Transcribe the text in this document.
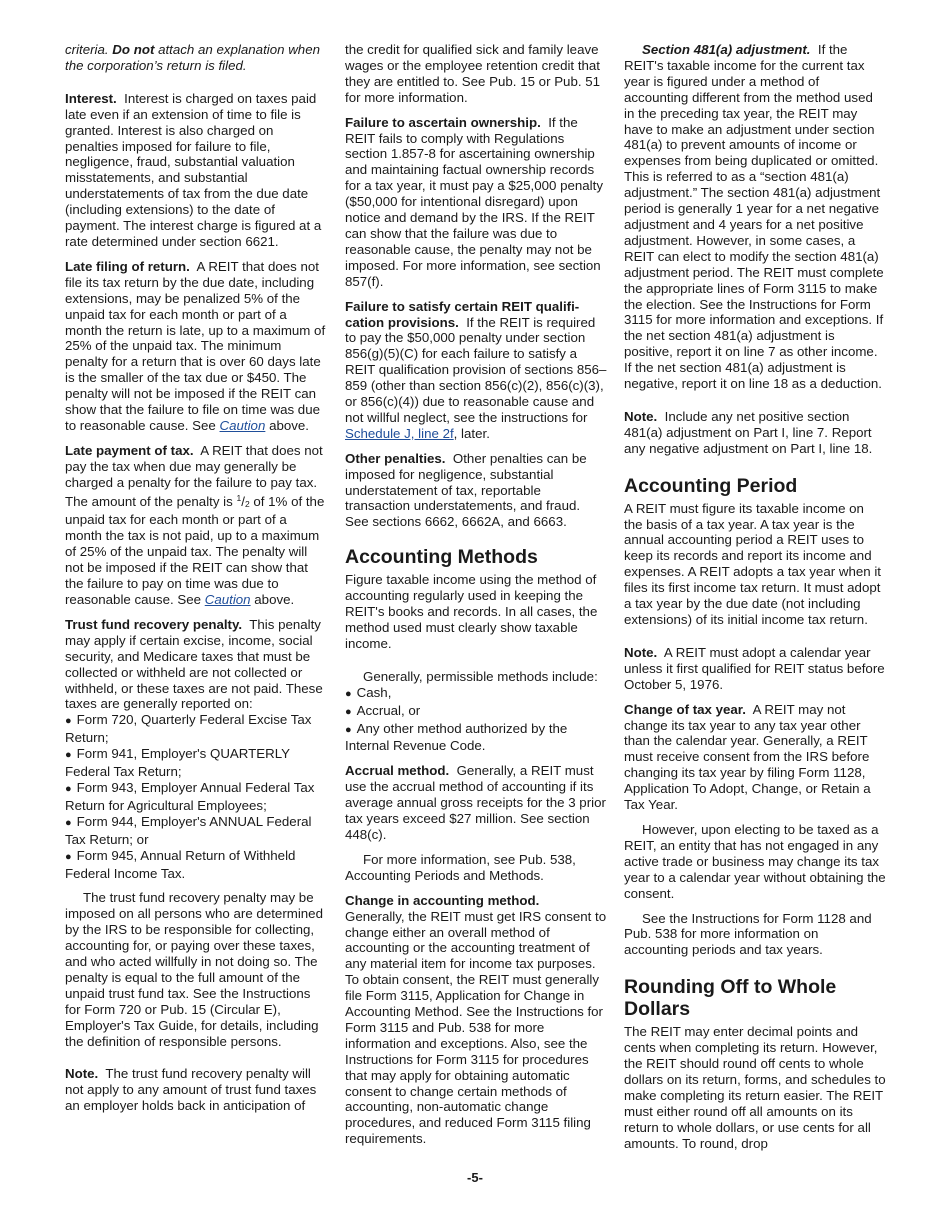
criteria. Do not attach an explanation when the corporation’s return is filed.

Interest. Interest is charged on taxes paid late even if an extension of time to file is granted. Interest is also charged on penalties imposed for failure to file, negligence, fraud, substantial valuation misstatements, and substantial understatements of tax from the due date (including extensions) to the date of payment. The interest charge is figured at a rate determined under section 6621.

Late filing of return. A REIT that does not file its tax return by the due date, including extensions, may be penalized 5% of the unpaid tax for each month or part of a month the return is late, up to a maximum of 25% of the unpaid tax. The minimum penalty for a return that is over 60 days late is the smaller of the tax due or $450. The penalty will not be imposed if the REIT can show that the failure to file on time was due to reasonable cause. See Caution above.

Late payment of tax. A REIT that does not pay the tax when due may generally be charged a penalty for the failure to pay tax. The amount of the penalty is $^1/_2$ of 1% of the unpaid tax for each month or part of a month the tax is not paid, up to a maximum of 25% of the unpaid tax. The penalty will not be imposed if the REIT can show that the failure to pay on time was due to reasonable cause. See Caution above.

Trust fund recovery penalty. This penalty may apply if certain excise, income, social security, and Medicare taxes that must be collected or withheld are not collected or withheld, or these taxes are not paid. These taxes are generally reported on:

● Form 720, Quarterly Federal Excise Tax Return;
● Form 941, Employer's QUARTERLY Federal Tax Return;
● Form 943, Employer Annual Federal Tax Return for Agricultural Employees;
● Form 944, Employer's ANNUAL Federal Tax Return; or
● Form 945, Annual Return of Withheld Federal Income Tax.

The trust fund recovery penalty may be imposed on all persons who are determined by the IRS to be responsible for collecting, accounting for, or paying over these taxes, and who acted willfully in not doing so. The penalty is equal to the full amount of the unpaid trust fund tax. See the Instructions for Form 720 or Pub. 15 (Circular E), Employer's Tax Guide, for details, including the definition of responsible persons.

Note. The trust fund recovery penalty will not apply to any amount of trust fund taxes an employer holds back in anticipation of

the credit for qualified sick and family leave wages or the employee retention credit that they are entitled to. See Pub. 15 or Pub. 51 for more information.

Failure to ascertain ownership. If the REIT fails to comply with Regulations section 1.857-8 for ascertaining ownership and maintaining factual ownership records for a tax year, it must pay a $25,000 penalty ($50,000 for intentional disregard) upon notice and demand by the IRS. If the REIT can show that the failure was due to reasonable cause, the penalty may not be imposed. For more information, see section 857(f).

Failure to satisfy certain REIT qualifi-cation provisions. If the REIT is required to pay the $50,000 penalty under section 856(g)(5)(C) for each failure to satisfy a REIT qualification provision of sections 856–859 (other than section 856(c)(2), 856(c)(3), or 856(c)(4)) due to reasonable cause and not willful neglect, see the instructions for Schedule J, line 2f, later.

Other penalties. Other penalties can be imposed for negligence, substantial understatement of tax, reportable transaction understatements, and fraud. See sections 6662, 6662A, and 6663.

Accounting Methods

Figure taxable income using the method of accounting regularly used in keeping the REIT's books and records. In all cases, the method used must clearly show taxable income.

Generally, permissible methods include:

● Cash,
● Accrual, or
● Any other method authorized by the Internal Revenue Code.

Accrual method. Generally, a REIT must use the accrual method of accounting if its average annual gross receipts for the 3 prior tax years exceed $27 million. See section 448(c).

For more information, see Pub. 538, Accounting Periods and Methods.

Change in accounting method.
Generally, the REIT must get IRS consent to change either an overall method of accounting or the accounting treatment of any material item for income tax purposes. To obtain consent, the REIT must generally file Form 3115, Application for Change in Accounting Method. See the Instructions for Form 3115 and Pub. 538 for more information and exceptions. Also, see the Instructions for Form 3115 for procedures that may apply for obtaining automatic consent to change certain methods of accounting, non-automatic change procedures, and reduced Form 3115 filing requirements.

Section 481(a) adjustment. If the REIT's taxable income for the current tax year is figured under a method of accounting different from the method used in the preceding tax year, the REIT may have to make an adjustment under section 481(a) to prevent amounts of income or expenses from being duplicated or omitted. This is referred to as a “section 481(a) adjustment.” The section 481(a) adjustment period is generally 1 year for a net negative adjustment and 4 years for a net positive adjustment. However, in some cases, a REIT can elect to modify the section 481(a) adjustment period. The REIT must complete the appropriate lines of Form 3115 to make the election. See the Instructions for Form 3115 for more information and exceptions. If the net section 481(a) adjustment is positive, report it on line 7 as other income. If the net section 481(a) adjustment is negative, report it on line 18 as a deduction.

Note. Include any net positive section 481(a) adjustment on Part I, line 7. Report any negative adjustment on Part I, line 18.

Accounting Period

A REIT must figure its taxable income on the basis of a tax year. A tax year is the annual accounting period a REIT uses to keep its records and report its income and expenses. A REIT adopts a tax year when it files its first income tax return. It must adopt a tax year by the due date (not including extensions) of its initial income tax return.

Note. A REIT must adopt a calendar year unless it first qualified for REIT status before October 5, 1976.

Change of tax year. A REIT may not change its tax year to any tax year other than the calendar year. Generally, a REIT must receive consent from the IRS before changing its tax year by filing Form 1128, Application To Adopt, Change, or Retain a Tax Year.

However, upon electing to be taxed as a REIT, an entity that has not engaged in any active trade or business may change its tax year to a calendar year without obtaining the consent.

See the Instructions for Form 1128 and Pub. 538 for more information on accounting periods and tax years.

Rounding Off to Whole Dollars

The REIT may enter decimal points and cents when completing its return. However, the REIT should round off cents to whole dollars on its return, forms, and schedules to make completing its return easier. The REIT must either round off all amounts on its return to whole dollars, or use cents for all amounts. To round, drop

-5-
